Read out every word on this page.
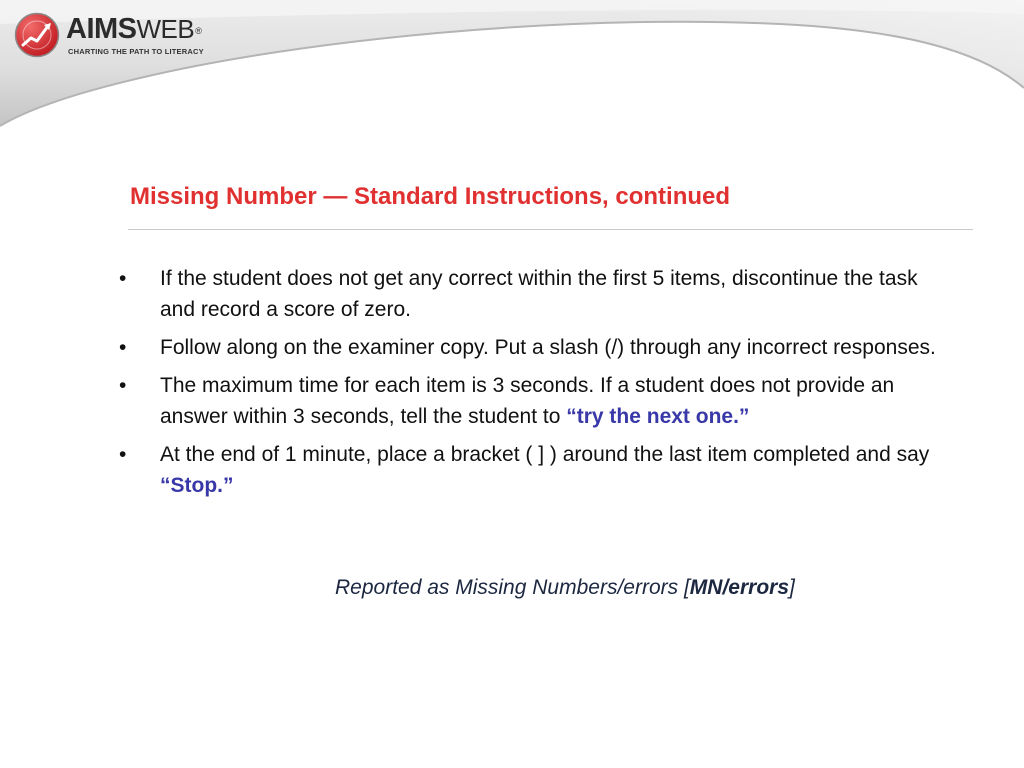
AIMSWEB®
CHARTING THE PATH TO LITERACY
Missing Number — Standard Instructions, continued
•	If the student does not get any correct within the first 5 items, discontinue the task and record a score of zero.
•	Follow along on the examiner copy. Put a slash (/) through any incorrect responses.
•	The maximum time for each item is 3 seconds. If a student does not provide an answer within 3 seconds, tell the student to “try the next one.”
•	At the end of 1 minute, place a bracket ( ] ) around the last item completed and say “Stop.”
Reported as Missing Numbers/errors [MN/errors]
